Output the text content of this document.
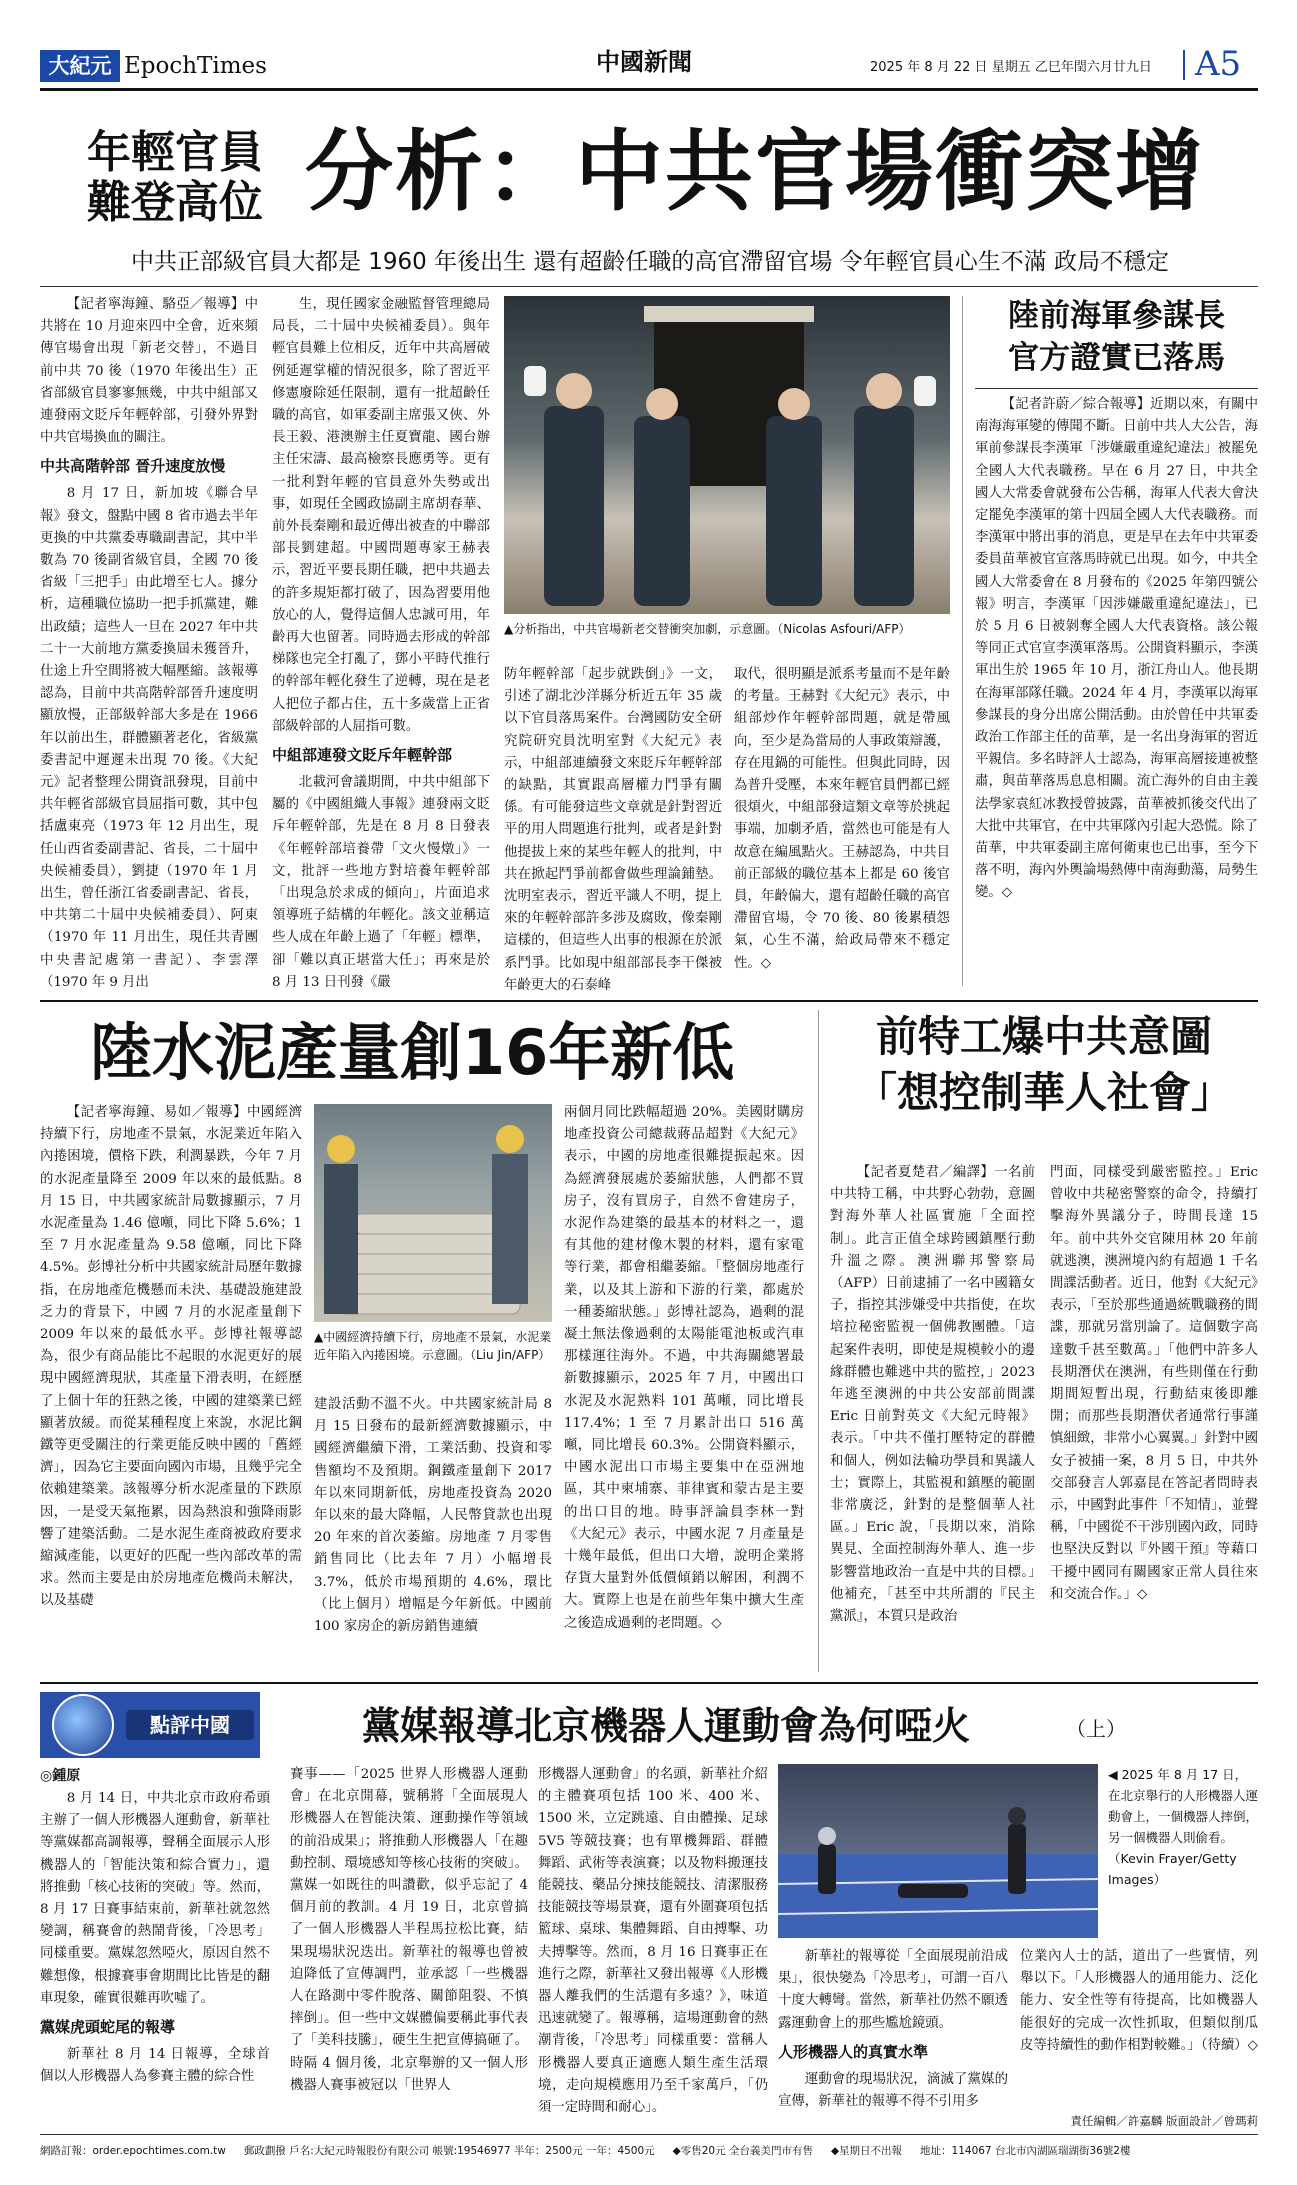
大紀元 EpochTimes	中國新聞	2025 年 8 月 22 日 星期五 乙巳年閏六月廿九日 A5
年輕官員
難登高位 分析：中共官場衝突增
中共正部級官員大都是 1960 年後出生 還有超齡任職的高官滯留官場 令年輕官員心生不滿 政局不穩定

【記者寧海鐘、駱亞／報導】中共將在 10 月迎來四中全會，近來頻傳官場會出現「新老交替」，不過目前中共 70 後（1970 年後出生）正省部級官員寥寥無幾，中共中組部又連發兩文貶斥年輕幹部，引發外界對中共官場換血的關注。

中共高階幹部 晉升速度放慢

8 月 17 日，新加坡《聯合早報》發文，盤點中國 8 省市過去半年更換的中共黨委專職副書記，其中半數為 70 後副省級官員，全國 70 後省級「三把手」由此增至七人。據分析，這種職位協助一把手抓黨建，難出政績；這些人一旦在 2027 年中共二十一大前地方黨委換屆未獲晉升，仕途上升空間將被大幅壓縮。該報導認為，目前中共高階幹部晉升速度明顯放慢，正部級幹部大多是在 1966 年以前出生，群體顯著老化，省級黨委書記中遲遲未出現 70 後。《大紀元》記者整理公開資訊發現，目前中共年輕省部級官員屈指可數，其中包括盧東亮（1973 年 12 月出生，現任山西省委副書記、省長，二十屆中央候補委員），劉捷（1970 年 1 月出生，曾任浙江省委副書記、省長，中共第二十屆中央候補委員）、阿東（1970 年 11 月出生，現任共青團中央書記處第一書記）、李雲澤（1970 年 9 月出

生，現任國家金融監督管理總局局長，二十屆中央候補委員）。與年輕官員難上位相反，近年中共高層破例延遲掌權的情況很多，除了習近平修憲廢除延任限制，還有一批超齡任職的高官，如軍委副主席張又俠、外長王毅、港澳辦主任夏寶龍、國台辦主任宋濤、最高檢察長應勇等。更有一批利對年輕的官員意外失勢或出事，如現任全國政協副主席胡春華、前外長秦剛和最近傳出被查的中聯部部長劉建超。中國問題專家王赫表示，習近平要長期任職，把中共過去的許多規矩都打破了，因為習要用他放心的人，覺得這個人忠誠可用，年齡再大也留著。同時過去形成的幹部梯隊也完全打亂了，鄧小平時代推行的幹部年輕化發生了逆轉，現在是老人把位子都占住，五十多歲當上正省部級幹部的人屈指可數。

中組部連發文貶斥年輕幹部

北載河會議期間，中共中組部下屬的《中國組織人事報》連發兩文貶斥年輕幹部，先是在 8 月 8 日發表《年輕幹部培養帶「文火慢燉」》一文，批評一些地方對培養年輕幹部「出現急於求成的傾向」，片面追求領導班子結構的年輕化。該文並稱這些人成在年齡上過了「年輕」標準，卻「難以真正堪當大任」；再來是於 8 月 13 日刊發《嚴

▲分析指出，中共官場新老交替衝突加劇，示意圖。（Nicolas Asfouri/AFP）

防年輕幹部「起步就跌倒」》一文，引述了湖北沙洋縣分析近五年 35 歲以下官員落馬案件。台灣國防安全研究院研究員沈明室對《大紀元》表示，中組部連續發文來貶斥年輕幹部的缺點，其實跟高層權力鬥爭有關係。有可能發這些文章就是針對習近平的用人問題進行批判，或者是針對他提拔上來的某些年輕人的批判，中共在掀起鬥爭前都會做些理論鋪墊。沈明室表示，習近平識人不明，提上來的年輕幹部許多涉及腐敗，像秦剛這樣的，但這些人出事的根源在於派系鬥爭。比如現中組部部長李干傑被年齡更大的石泰峰

取代，很明顯是派系考量而不是年齡的考量。王赫對《大紀元》表示，中組部炒作年輕幹部問題，就是帶風向，至少是為當局的人事政策辯護，存在甩鍋的可能性。但與此同時，因為普升受壓，本來年輕官員們都已經很煩火，中組部發這類文章等於挑起事端，加劇矛盾，當然也可能是有人故意在編風點火。王赫認為，中共目前正部級的職位基本上都是 60 後官員，年齡偏大，還有超齡任職的高官滯留官場，令 70 後、80 後累積怨氣，心生不滿，給政局帶來不穩定性。◇

陸前海軍參謀長
官方證實已落馬

【記者許蔚／綜合報導】近期以來，有關中南海海軍變的傳聞不斷。日前中共人大公告，海軍前參謀長李漢軍「涉嫌嚴重違紀違法」被罷免全國人大代表職務。早在 6 月 27 日，中共全國人大常委會就發布公告稱，海軍人代表大會決定罷免李漢軍的第十四屆全國人大代表職務。而李漢軍中將出事的消息，更是早在去年中共軍委委員苗華被官宣落馬時就已出現。如今，中共全國人大常委會在 8 月發布的《2025 年第四號公報》明言，李漢軍「因涉嫌嚴重違紀違法」，已於 5 月 6 日被剝奪全國人大代表資格。該公報等同正式官宣李漢軍落馬。公開資料顯示，李漢軍出生於 1965 年 10 月，浙江舟山人。他長期在海軍部隊任職。2024 年 4 月，李漢軍以海軍參謀長的身分出席公開活動。由於曾任中共軍委政治工作部主任的苗華，是一名出身海軍的習近平親信。多名時評人士認為，海軍高層接連被整肅，與苗華落馬息息相關。流亡海外的自由主義法學家袁紅冰教授曾披露，苗華被抓後交代出了大批中共軍官，在中共軍隊內引起大恐慌。除了苗華，中共軍委副主席何衛東也已出事，至今下落不明，海內外輿論場熱傳中南海動蕩，局勢生變。◇

陸水泥產量創16年新低

【記者寧海鐘、易如／報導】中國經濟持續下行，房地產不景氣，水泥業近年陷入內捲困境，價格下跌，利潤暴跌，今年 7 月的水泥產量降至 2009 年以來的最低點。8 月 15 日，中共國家統計局數據顯示，7 月水泥產量為 1.46 億噸，同比下降 5.6%；1 至 7 月水泥產量為 9.58 億噸，同比下降 4.5%。彭博社分析中共國家統計局歷年數據指，在房地產危機懸而未決、基礎設施建設乏力的背景下，中國 7 月的水泥產量創下 2009 年以來的最低水平。彭博社報導認為，很少有商品能比不起眼的水泥更好的展現中國經濟現狀，其產量下滑表明，在經歷了上個十年的狂熱之後，中國的建築業已經顯著放緩。而從某種程度上來說，水泥比鋼鐵等更受關注的行業更能反映中國的「舊經濟」，因為它主要面向國內市場，且幾乎完全依賴建築業。該報導分析水泥產量的下跌原因，一是受天氣拖累，因為熱浪和強降雨影響了建築活動。二是水泥生產商被政府要求縮減產能，以更好的匹配一些內部改革的需求。然而主要是由於房地產危機尚未解決，以及基礎

▲中國經濟持續下行，房地產不景氣，水泥業近年陷入內捲困境。示意圖。（Liu Jin/AFP）

建設活動不溫不火。中共國家統計局 8 月 15 日發布的最新經濟數據顯示，中國經濟繼續下滑，工業活動、投資和零售額均不及預期。鋼鐵產量創下 2017 年以來同期新低，房地產投資為 2020 年以來的最大降幅，人民幣貸款也出現 20 年來的首次萎縮。房地產 7 月零售銷售同比（比去年 7 月）小幅增長 3.7%，低於市場預期的 4.6%，環比（比上個月）增幅是今年新低。中國前 100 家房企的新房銷售連續

兩個月同比跌幅超過 20%。美國財購房地產投資公司總裁蔣品超對《大紀元》表示，中國的房地產很難提振起來。因為經濟發展處於萎縮狀態，人們都不買房子，沒有買房子，自然不會建房子，水泥作為建築的最基本的材料之一，還有其他的建材像木製的材料，還有家電等行業，都會相繼萎縮。「整個房地產行業，以及其上游和下游的行業，都處於一種萎縮狀態。」彭博社認為，過剩的混凝土無法像過剩的太陽能電池板或汽車那樣運往海外。不過，中共海關總署最新數據顯示，2025 年 7 月，中國出口水泥及水泥熟料 101 萬噸，同比增長 117.4%；1 至 7 月累計出口 516 萬噸，同比增長 60.3%。公開資料顯示，中國水泥出口市場主要集中在亞洲地區，其中柬埔寨、菲律賓和蒙古是主要的出口目的地。時事評論員李林一對《大紀元》表示，中國水泥 7 月產量是十幾年最低，但出口大增，說明企業將存貨大量對外低價傾銷以解困，利潤不大。實際上也是在前些年集中擴大生產之後造成過剩的老問題。◇

前特工爆中共意圖
「想控制華人社會」

【記者夏楚君／編譯】一名前中共特工稱，中共野心勃勃，意圖對海外華人社區實施「全面控制」。此言正值全球跨國鎮壓行動升溫之際。澳洲聯邦警察局（AFP）日前逮捕了一名中國籍女子，指控其涉嫌受中共指使，在坎培拉秘密監視一個佛教團體。「這起案件表明，即使是規模較小的邊緣群體也難逃中共的監控，」2023 年逃至澳洲的中共公安部前間諜 Eric 日前對英文《大紀元時報》表示。「中共不僅打壓特定的群體和個人，例如法輪功學員和異議人士；實際上，其監視和鎮壓的範圍非常廣泛，針對的是整個華人社區。」Eric 說，「長期以來，消除異見、全面控制海外華人、進一步影響當地政治一直是中共的目標。」他補充，「甚至中共所謂的『民主黨派』，本質只是政治

門面，同樣受到嚴密監控。」Eric 曾收中共秘密警察的命令，持續打擊海外異議分子，時間長達 15 年。前中共外交官陳用林 20 年前就逃澳，澳洲境內約有超過 1 千名間諜活動者。近日，他對《大紀元》表示，「至於那些通過統戰職務的間諜，那就另當別論了。這個數字高達數千甚至數萬。」「他們中許多人長期潛伏在澳洲，有些則僅在行動期間短暫出現，行動結束後即離開；而那些長期潛伏者通常行事謹慎細緻，非常小心翼翼。」針對中國女子被捕一案，8 月 5 日，中共外交部發言人郭嘉昆在答記者問時表示，中國對此事件「不知情」，並聲稱，「中國從不干涉別國內政，同時也堅決反對以『外國干預』等藉口干擾中國同有關國家正常人員往來和交流合作。」◇

點評中國	黨媒報導北京機器人運動會為何啞火	（上）
◎鍾原

8 月 14 日，中共北京市政府希頭主辦了一個人形機器人運動會，新華社等黨媒都高調報導，聲稱全面展示人形機器人的「智能決策和綜合實力」，還將推動「核心技術的突破」等。然而，8 月 17 日賽事結束前，新華社就忽然變調，稱賽會的熱鬧背後，「冷思考」同樣重要。黨媒忽然啞火，原因自然不難想像，根據賽事會期間比比皆是的翻車現象，確實很難再吹噓了。

黨媒虎頭蛇尾的報導

新華社 8 月 14 日報導，全球首個以人形機器人為參賽主體的綜合性

賽事——「2025 世界人形機器人運動會」在北京開幕，號稱將「全面展現人形機器人在智能決策、運動操作等領域的前沿成果」；將推動人形機器人「在趣動控制、環境感知等核心技術的突破」。黨媒一如既往的叫讚歡，似乎忘記了 4 個月前的教訓。4 月 19 日，北京曾搞了一個人形機器人半程馬拉松比賽，結果現場狀況迭出。新華社的報導也曾被迫降低了宣傳調門，並承認「一些機器人在路測中零件脫落、關節阻裂、不慎摔倒」。但一些中文媒體偏要稱此事代表了「美科技騰」，硬生生把宣傳搞砸了。時隔 4 個月後，北京舉辦的又一個人形機器人賽事被冠以「世界人

形機器人運動會」的名頭，新華社介紹的主體賽項包括 100 米、400 米、1500 米，立定跳遠、自由體操、足球 5V5 等競技賽；也有單機舞蹈、群體舞蹈、武術等表演賽；以及物料搬運技能競技、藥品分揀技能競技、清潔服務技能競技等場景賽，還有外圍賽項包括籃球、桌球、集體舞蹈、自由搏擊、功夫搏擊等。然而，8 月 16 日賽事正在進行之際，新華社又發出報導《人形機器人離我們的生活還有多遠？》，味道迅速就變了。報導稱，這場運動會的熱潮背後，「冷思考」同樣重要：當稱人形機器人要真正適應人類生產生活環境，走向規模應用乃至千家萬戶，「仍須一定時間和耐心」。

◀ 2025 年 8 月 17 日，在北京舉行的人形機器人運動會上，一個機器人摔倒，另一個機器人則偷看。（Kevin Frayer/Getty Images）

新華社的報導從「全面展現前沿成果」，很快變為「冷思考」，可謂一百八十度大轉彎。當然，新華社仍然不願透露運動會上的那些尷尬鏡頭。

人形機器人的真實水準

運動會的現場狀況，滴滅了黨媒的宣傳，新華社的報導不得不引用多

位業內人士的話，道出了一些實情，列舉以下。「人形機器人的通用能力、泛化能力、安全性等有待提高，比如機器人能很好的完成一次性抓取，但類似削瓜皮等持續性的動作相對較難。」（待續）◇

責任編輯／許嘉麟 版面設計／曾瑪莉
網路訂報：order.epochtimes.com.tw 郵政劃撥 戶名:大紀元時報股份有限公司 帳號:19546977 半年：2500元 一年：4500元 ◆零售20元 全台義美門市有售 ◆星期日不出報 地址：114067 台北市內湖區瑞湖街36號2樓
